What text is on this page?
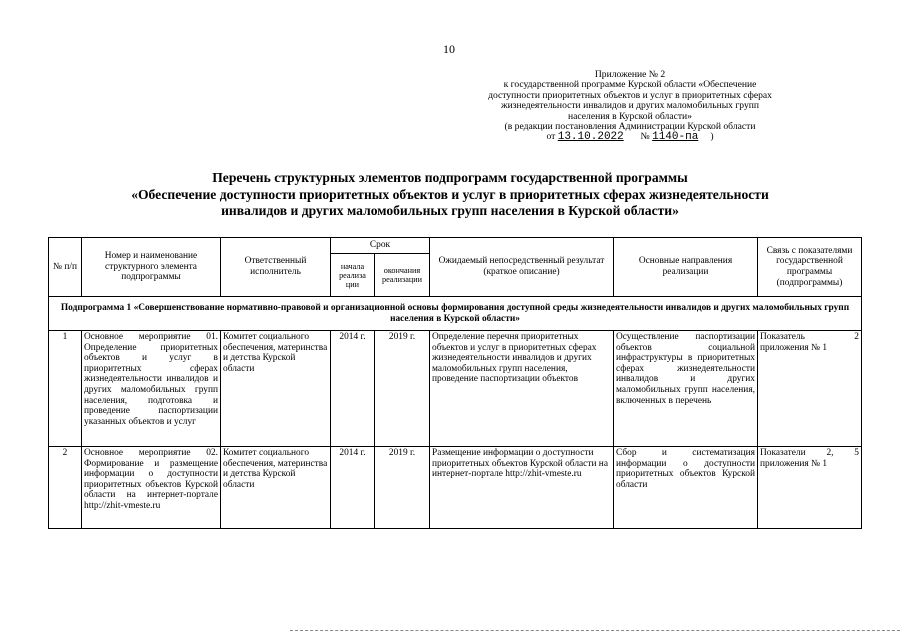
10
Приложение № 2
к государственной программе Курской области «Обеспечение
доступности приоритетных объектов и услуг в приоритетных сферах
жизнедеятельности инвалидов и других маломобильных групп
населения в Курской области»
(в редакции постановления Администрации Курской области
от 13.10.2022 № 1140-па )
Перечень структурных элементов подпрограмм государственной программы
«Обеспечение доступности приоритетных объектов и услуг в приоритетных сферах жизнедеятельности
инвалидов и других маломобильных групп населения в Курской области»
№ п/п	Номер и наименование структурного элемента подпрограммы	Ответственный исполнитель	Срок		Ожидаемый непосредственный результат (краткое описание)	Основные направления реализации	Связь с показателями государственной программы (подпрограммы)
			начала реализа ции	окончания реализации			
Подпрограмма 1 «Совершенствование нормативно-правовой и организационной основы формирования доступной среды жизнедеятельности инвалидов и других маломобильных групп населения в Курской области»							
1	Основное мероприятие 01. Определение приоритетных объектов и услуг в приоритетных сферах жизнедеятельности инвалидов и других маломобильных групп населения, подготовка и проведение паспортизации указанных объектов и услуг	Комитет социального обеспечения, материнства и детства Курской области	2014 г.	2019 г.	Определение перечня приоритетных объектов и услуг в приоритетных сферах жизнедеятельности инвалидов и других маломобильных групп населения, проведение паспортизации объектов	Осуществление паспортизации объектов социальной инфраструктуры в приоритетных сферах жизнедеятельности инвалидов и других маломобильных групп населения, включенных в перечень	Показатель 2 приложения № 1
2	Основное мероприятие 02. Формирование и размещение информации о доступности приоритетных объектов Курской области на интернет-портале http://zhit-vmeste.ru	Комитет социального обеспечения, материнства и детства Курской области	2014 г.	2019 г.	Размещение информации о доступности приоритетных объектов Курской области на интернет-портале http://zhit-vmeste.ru	Сбор и систематизация информации о доступности приоритетных объектов Курской области	Показатели 2, 5 приложения № 1
